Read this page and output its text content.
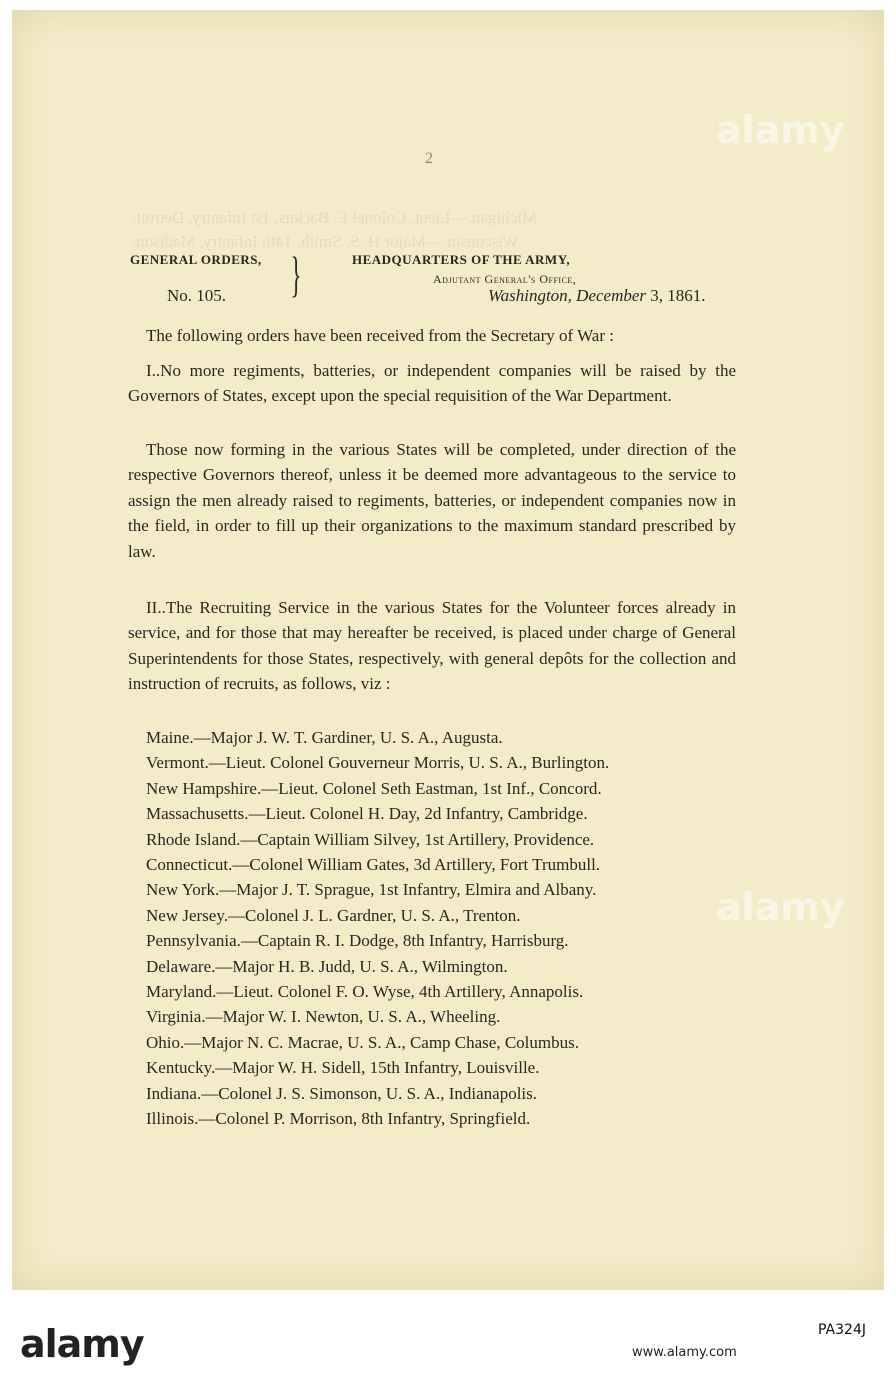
Michigan.—Lieut. Colonel E. Backus, 1st Infantry, Detroit.
Wisconsin.—Major H. S. Smith, 14th Infantry, Madison.
2
alamy
alamy
GENERAL ORDERS,
No. 105. }	HEADQUARTERS OF THE ARMY,
Adjutant General's Office,
Washington, December 3, 1861.

The following orders have been received from the Secretary of War :

I..No more regiments, batteries, or independent companies will be raised by the Governors of States, except upon the special requisition of the War Department.

Those now forming in the various States will be completed, under direction of the respective Governors thereof, unless it be deemed more advantageous to the service to assign the men already raised to regiments, batteries, or independent companies now in the field, in order to fill up their organizations to the maximum standard prescribed by law.

II..The Recruiting Service in the various States for the Volunteer forces already in service, and for those that may hereafter be received, is placed under charge of General Superintendents for those States, respectively, with general depôts for the collection and instruction of recruits, as follows, viz :

Maine.—Major J. W. T. Gardiner, U. S. A., Augusta.
Vermont.—Lieut. Colonel Gouverneur Morris, U. S. A., Burlington.
New Hampshire.—Lieut. Colonel Seth Eastman, 1st Inf., Concord.
Massachusetts.—Lieut. Colonel H. Day, 2d Infantry, Cambridge.
Rhode Island.—Captain William Silvey, 1st Artillery, Providence.
Connecticut.—Colonel William Gates, 3d Artillery, Fort Trumbull.
New York.—Major J. T. Sprague, 1st Infantry, Elmira and Albany.
New Jersey.—Colonel J. L. Gardner, U. S. A., Trenton.
Pennsylvania.—Captain R. I. Dodge, 8th Infantry, Harrisburg.
Delaware.—Major H. B. Judd, U. S. A., Wilmington.
Maryland.—Lieut. Colonel F. O. Wyse, 4th Artillery, Annapolis.
Virginia.—Major W. I. Newton, U. S. A., Wheeling.
Ohio.—Major N. C. Macrae, U. S. A., Camp Chase, Columbus.
Kentucky.—Major W. H. Sidell, 15th Infantry, Louisville.
Indiana.—Colonel J. S. Simonson, U. S. A., Indianapolis.
Illinois.—Colonel P. Morrison, 8th Infantry, Springfield.
alamy	PA324J
www.alamy.com
